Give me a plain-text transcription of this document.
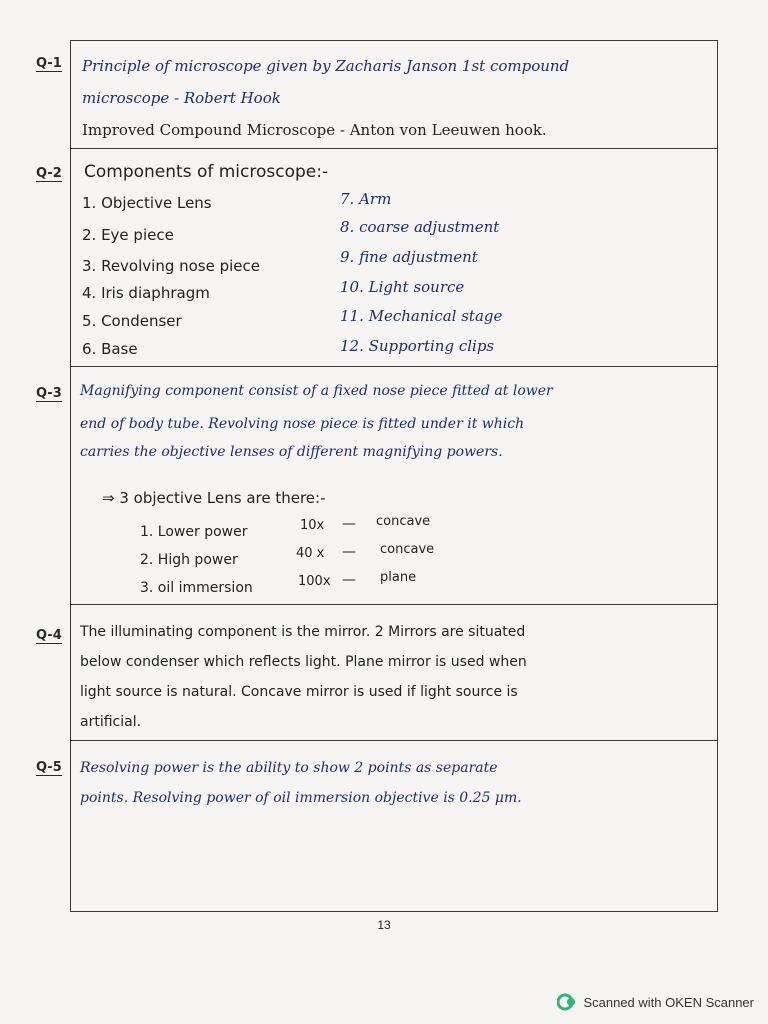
Q-1 Principle of microscope given by Zacharis Janson 1st compound
microscope - Robert Hook
Improved Compound Microscope - Anton von Leeuwen hook.
Q-2 Components of microscope:-
1. Objective Lens
2. Eye piece
3. Revolving nose piece
4. Iris diaphragm
5. Condenser
6. Base
7. Arm
8. coarse adjustment
9. fine adjustment
10. Light source
11. Mechanical stage
12. Supporting clips
Q-3 Magnifying component consist of a fixed nose piece fitted at lower
end of body tube. Revolving nose piece is fitted under it which
carries the objective lenses of different magnifying powers.
⇒ 3 objective Lens are there:-
1. Lower power	10x — concave
2. High power	40 x — concave
3. oil immersion	100x — plane
Q-4 The illuminating component is the mirror. 2 Mirrors are situated
below condenser which reflects light. Plane mirror is used when
light source is natural. Concave mirror is used if light source is
artificial.
Q-5 Resolving power is the ability to show 2 points as separate
points. Resolving power of oil immersion objective is 0.25 μm.
13
Scanned with OKEN Scanner
